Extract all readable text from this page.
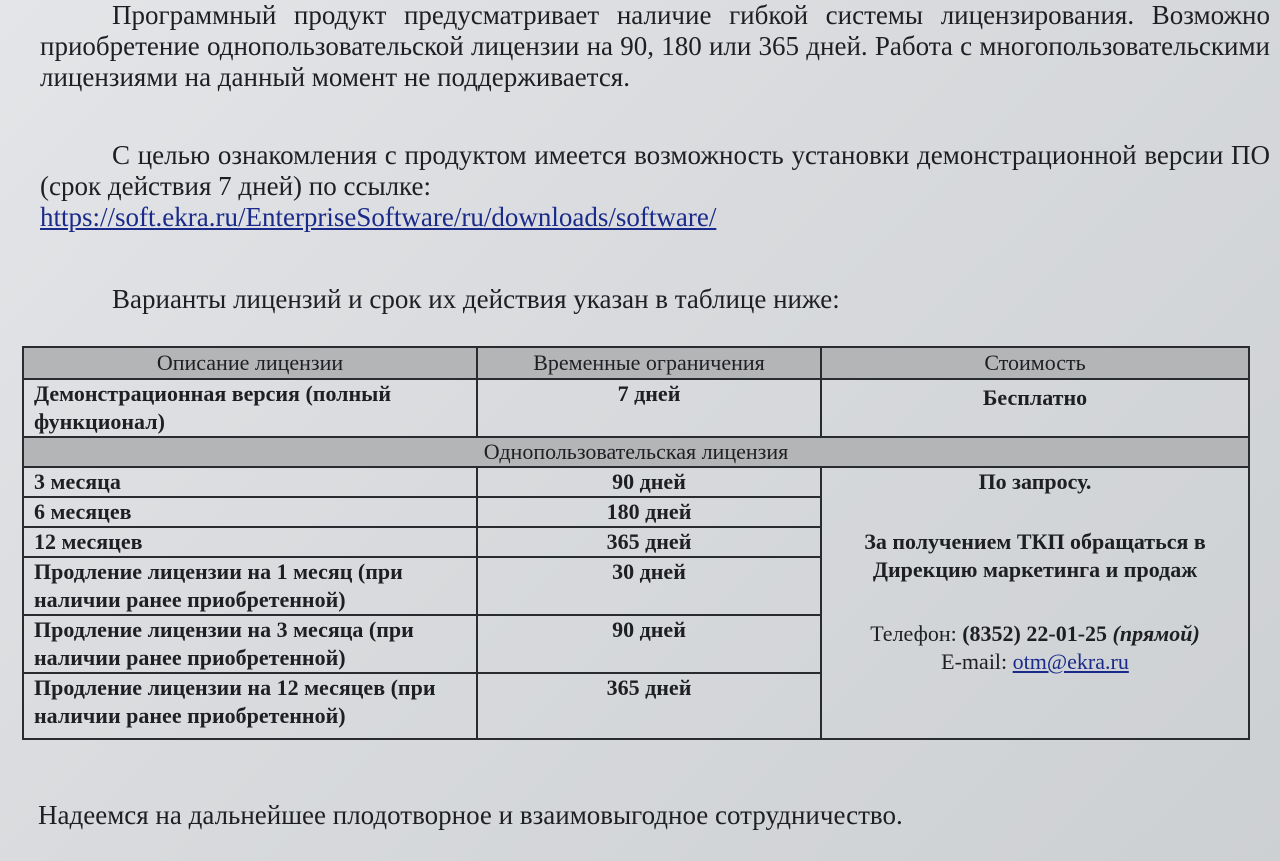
Программный продукт предусматривает наличие гибкой системы лицензирования. Возможно приобретение однопользовательской лицензии на 90, 180 или 365 дней. Работа с многопользовательскими лицензиями на данный момент не поддерживается.

С целью ознакомления с продуктом имеется возможность установки демонстрационной версии ПО (срок действия 7 дней) по ссылке:

https://soft.ekra.ru/EnterpriseSoftware/ru/downloads/software/

Варианты лицензий и срок их действия указан в таблице ниже:

Описание лицензии	Временные ограничения	Стоимость
Демонстрационная версия (полный функционал)	7 дней	Бесплатно
Однопользовательская лицензия		
3 месяца	90 дней	По запросу.
За получением ТКП обращаться в Дирекцию маркетинга и продаж
Телефон: (8352) 22-01-25 (прямой)
E-mail: otm@ekra.ru

6 месяцев	180 дней	
12 месяцев	365 дней	
Продление лицензии на 1 месяц (при наличии ранее приобретенной)	30 дней	
Продление лицензии на 3 месяца (при наличии ранее приобретенной)	90 дней	
Продление лицензии на 12 месяцев (при наличии ранее приобретенной)	365 дней	

Надеемся на дальнейшее плодотворное и взаимовыгодное сотрудничество.
